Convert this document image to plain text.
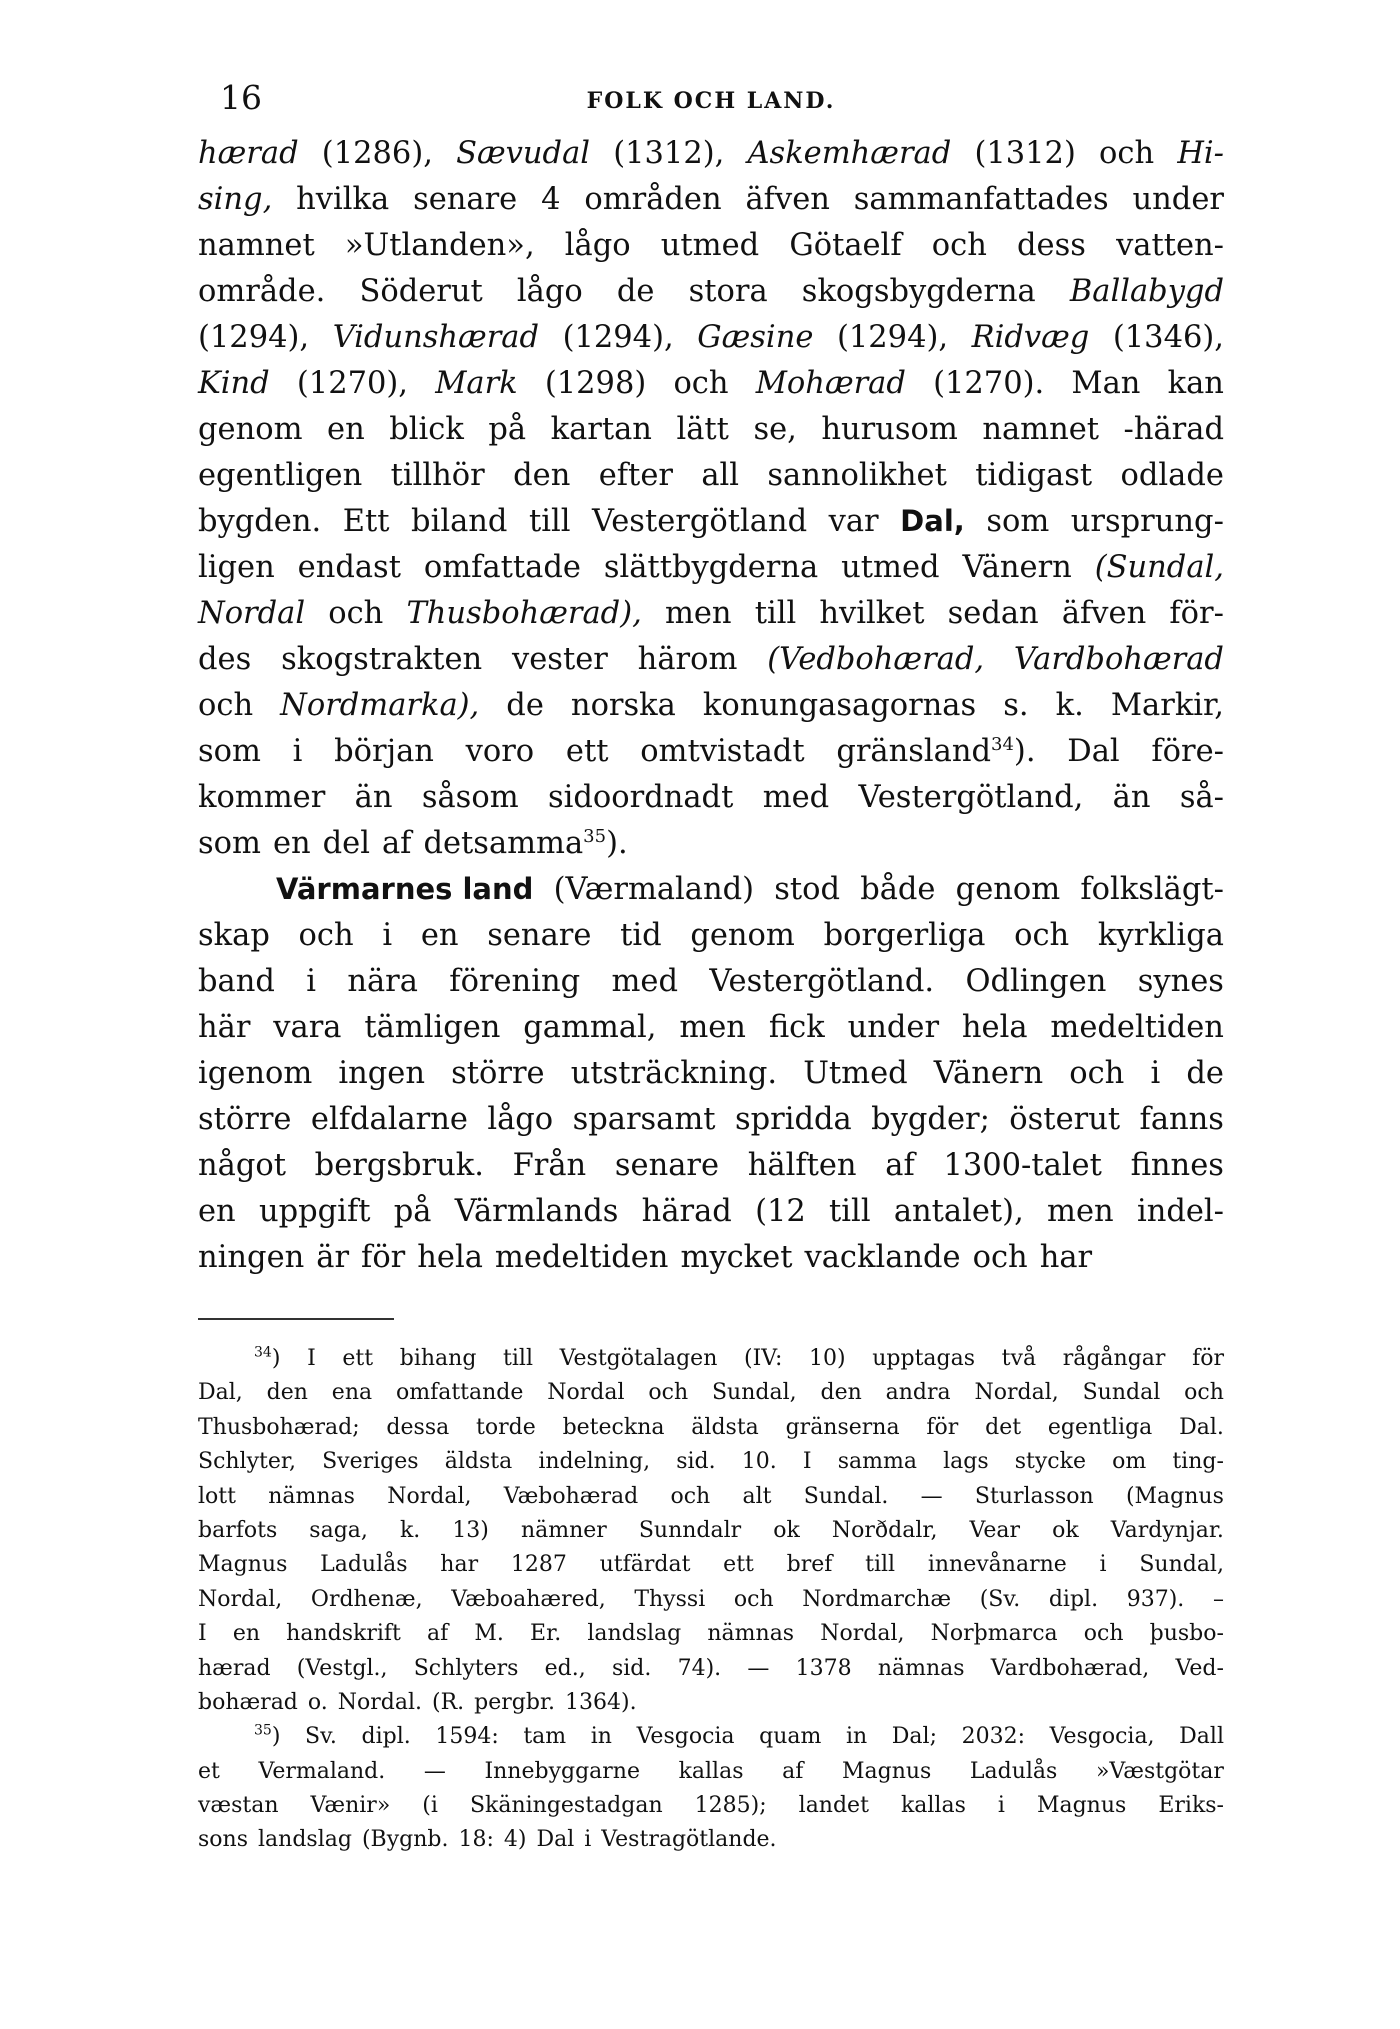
16	FOLK OCH LAND.
hærad (1286), Sævudal (1312), Askemhærad (1312) och Hi-
sing, hvilka senare 4 områden äfven sammanfattades under
namnet »Utlanden», lågo utmed Götaelf och dess vatten-
område. Söderut lågo de stora skogsbygderna Ballabygd
(1294), Vidunshærad (1294), Gæsine (1294), Ridvæg (1346),
Kind (1270), Mark (1298) och Mohærad (1270). Man kan
genom en blick på kartan lätt se, hurusom namnet -härad
egentligen tillhör den efter all sannolikhet tidigast odlade
bygden. Ett biland till Vestergötland var Dal, som ursprung-
ligen endast omfattade slättbygderna utmed Vänern (Sundal,
Nordal och Thusbohærad), men till hvilket sedan äfven för-
des skogstrakten vester härom (Vedbohærad, Vardbohærad
och Nordmarka), de norska konungasagornas s. k. Markir,
som i början voro ett omtvistadt gränsland$^{34}$). Dal före-
kommer än såsom sidoordnadt med Vestergötland, än så-
som en del af detsamma$^{35}$).
Värmarnes land (Værmaland) stod både genom folkslägt-
skap och i en senare tid genom borgerliga och kyrkliga
band i nära förening med Vestergötland. Odlingen synes
här vara tämligen gammal, men fick under hela medeltiden
igenom ingen större utsträckning. Utmed Vänern och i de
större elfdalarne lågo sparsamt spridda bygder; österut fanns
något bergsbruk. Från senare hälften af 1300-talet finnes
en uppgift på Värmlands härad (12 till antalet), men indel-
ningen är för hela medeltiden mycket vacklande och har
$^{34}$) I ett bihang till Vestgötalagen (IV: 10) upptagas två rågångar för
Dal, den ena omfattande Nordal och Sundal, den andra Nordal, Sundal och
Thusbohærad; dessa torde beteckna äldsta gränserna för det egentliga Dal.
Schlyter, Sveriges äldsta indelning, sid. 10. I samma lags stycke om ting-
lott nämnas Nordal, Væbohærad och alt Sundal. — Sturlasson (Magnus
barfots saga, k. 13) nämner Sunndalr ok Norðdalr, Vear ok Vardynjar.
Magnus Ladulås har 1287 utfärdat ett bref till innevånarne i Sundal,
Nordal, Ordhenæ, Væboahæred, Thyssi och Nordmarchæ (Sv. dipl. 937). –
I en handskrift af M. Er. landslag nämnas Nordal, Norþmarca och þusbo-
hærad (Vestgl., Schlyters ed., sid. 74). — 1378 nämnas Vardbohærad, Ved-
bohærad o. Nordal. (R. pergbr. 1364).
$^{35}$) Sv. dipl. 1594: tam in Vesgocia quam in Dal; 2032: Vesgocia, Dall
et Vermaland. — Innebyggarne kallas af Magnus Ladulås »Væstgötar
væstan Vænir» (i Skäningestadgan 1285); landet kallas i Magnus Eriks-
sons landslag (Bygnb. 18: 4) Dal i Vestragötlande.
